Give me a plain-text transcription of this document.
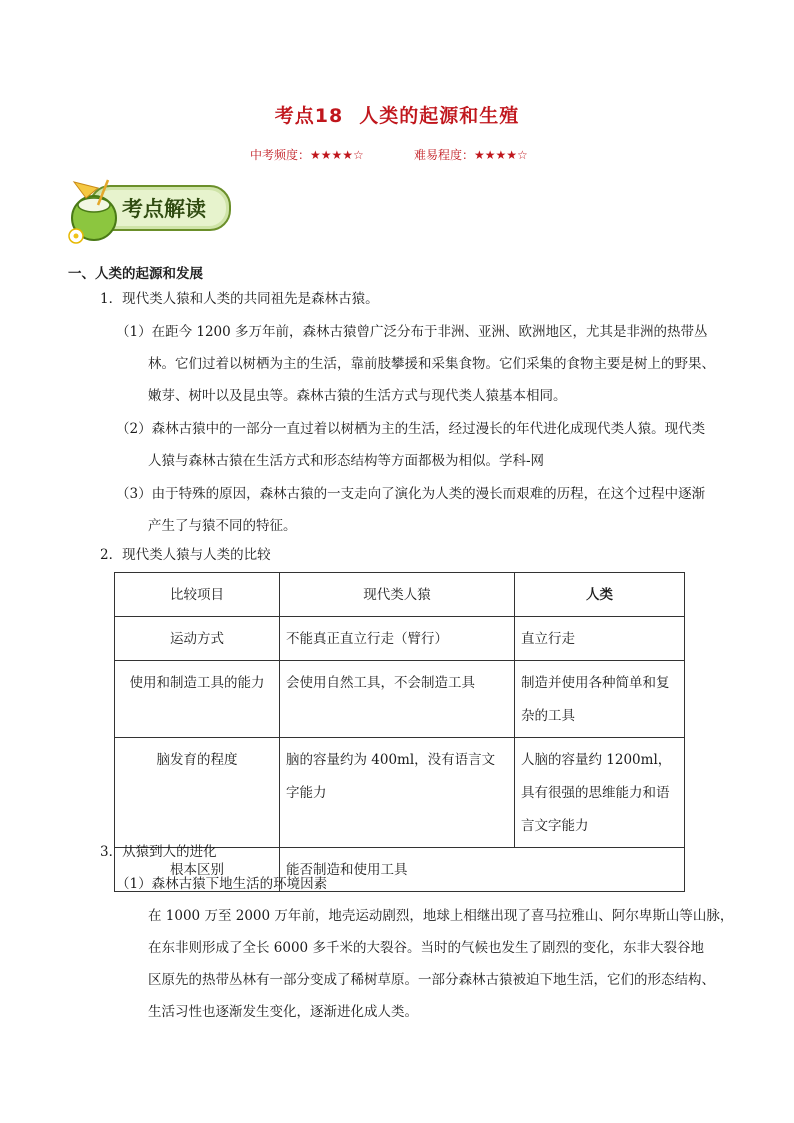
考点18 人类的起源和生殖
中考频度：★★★★☆	难易程度：★★★★☆
考点解读
一、人类的起源和发展
1．现代类人猿和人类的共同祖先是森林古猿。
（1）在距今 1200 多万年前，森林古猿曾广泛分布于非洲、亚洲、欧洲地区，尤其是非洲的热带丛
林。它们过着以树栖为主的生活，靠前肢攀援和采集食物。它们采集的食物主要是树上的野果、
嫩芽、树叶以及昆虫等。森林古猿的生活方式与现代类人猿基本相同。
（2）森林古猿中的一部分一直过着以树栖为主的生活，经过漫长的年代进化成现代类人猿。现代类
人猿与森林古猿在生活方式和形态结构等方面都极为相似。学科-网
（3）由于特殊的原因，森林古猿的一支走向了演化为人类的漫长而艰难的历程，在这个过程中逐渐
产生了与猿不同的特征。
2．现代类人猿与人类的比较
比较项目	现代类人猿	人类
运动方式	不能真正直立行走（臂行）	直立行走
使用和制造工具的能力	会使用自然工具，不会制造工具	制造并使用各种简单和复杂的工具
脑发育的程度	脑的容量约为 400ml，没有语言文字能力	人脑的容量约 1200ml，具有很强的思维能力和语言文字能力
根本区别	能否制造和使用工具	
3．从猿到人的进化
（1）森林古猿下地生活的环境因素
在 1000 万至 2000 万年前，地壳运动剧烈，地球上相继出现了喜马拉雅山、阿尔卑斯山等山脉，
在东非则形成了全长 6000 多千米的大裂谷。当时的气候也发生了剧烈的变化，东非大裂谷地
区原先的热带丛林有一部分变成了稀树草原。一部分森林古猿被迫下地生活，它们的形态结构、
生活习性也逐渐发生变化，逐渐进化成人类。
